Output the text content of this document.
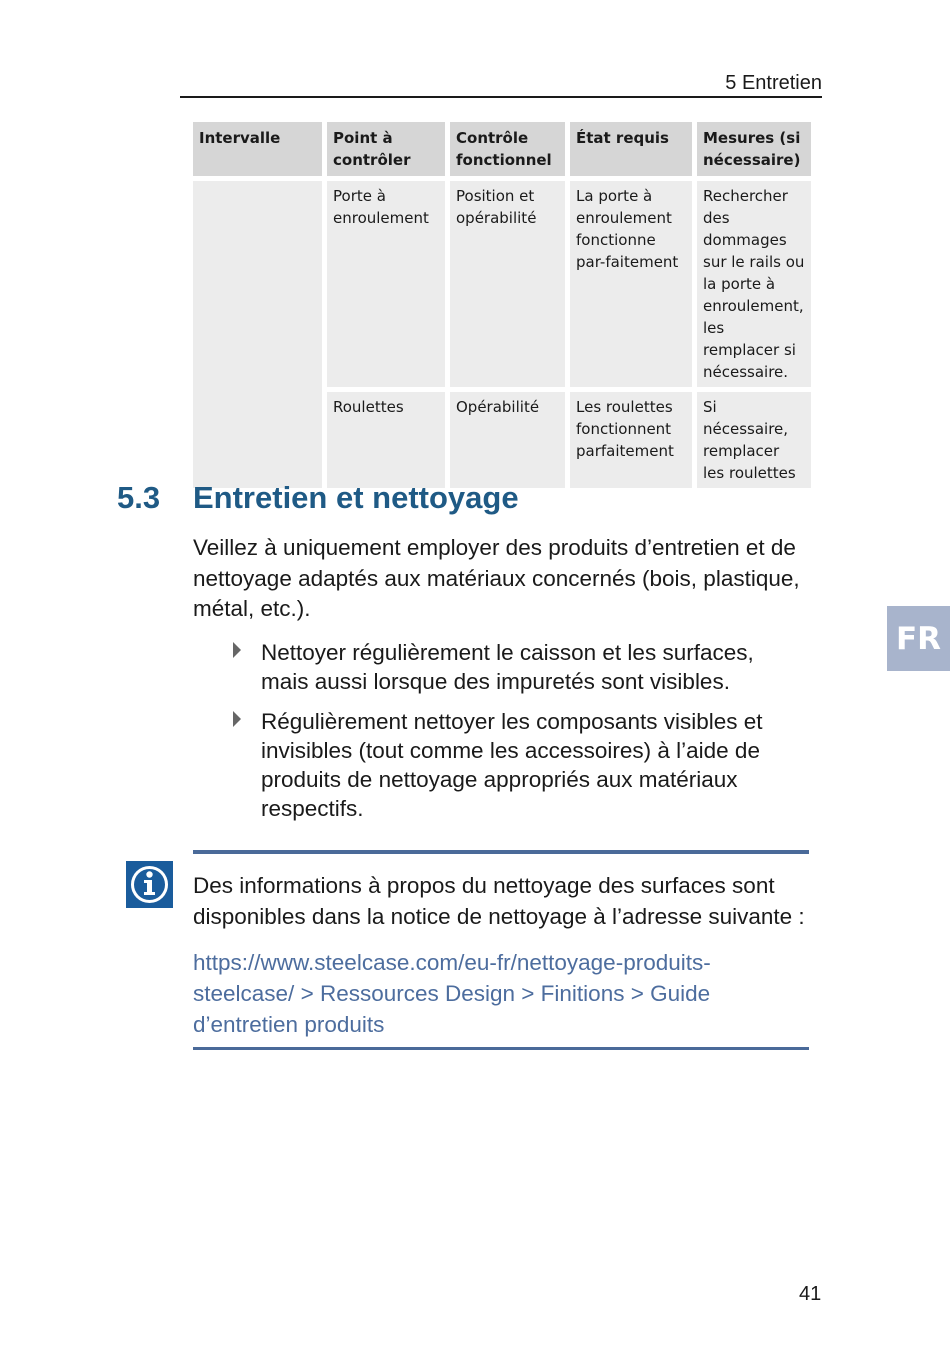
5 Entretien
FR
Intervalle	Point à contrôler	Contrôle fonctionnel	État requis	Mesures (si nécessaire)
	Porte à enroulement	Position et opérabilité	La porte à enroulement fonctionne par-faitement	Rechercher des dommages sur le rails ou la porte à enroulement, les remplacer si nécessaire.
	Roulettes	Opérabilité	Les roulettes fonctionnent parfaitement	Si nécessaire, remplacer les roulettes
5.3 Entretien et nettoyage

Veillez à uniquement employer des produits d’entretien et de nettoyage adaptés aux matériaux concernés (bois, plastique, métal, etc.).

Nettoyer régulièrement le caisson et les surfaces, mais aussi lorsque des impuretés sont visibles.
Régulièrement nettoyer les composants visibles et invisibles (tout comme les accessoires) à l’aide de produits de nettoyage appropriés aux matériaux respectifs.

Des informations à propos du nettoyage des surfaces sont disponibles dans la notice de nettoyage à l’adresse suivante :

https://www.steelcase.com/eu-fr/nettoyage-produits-steelcase/ > Ressources Design > Finitions > Guide d’entretien produits

41
